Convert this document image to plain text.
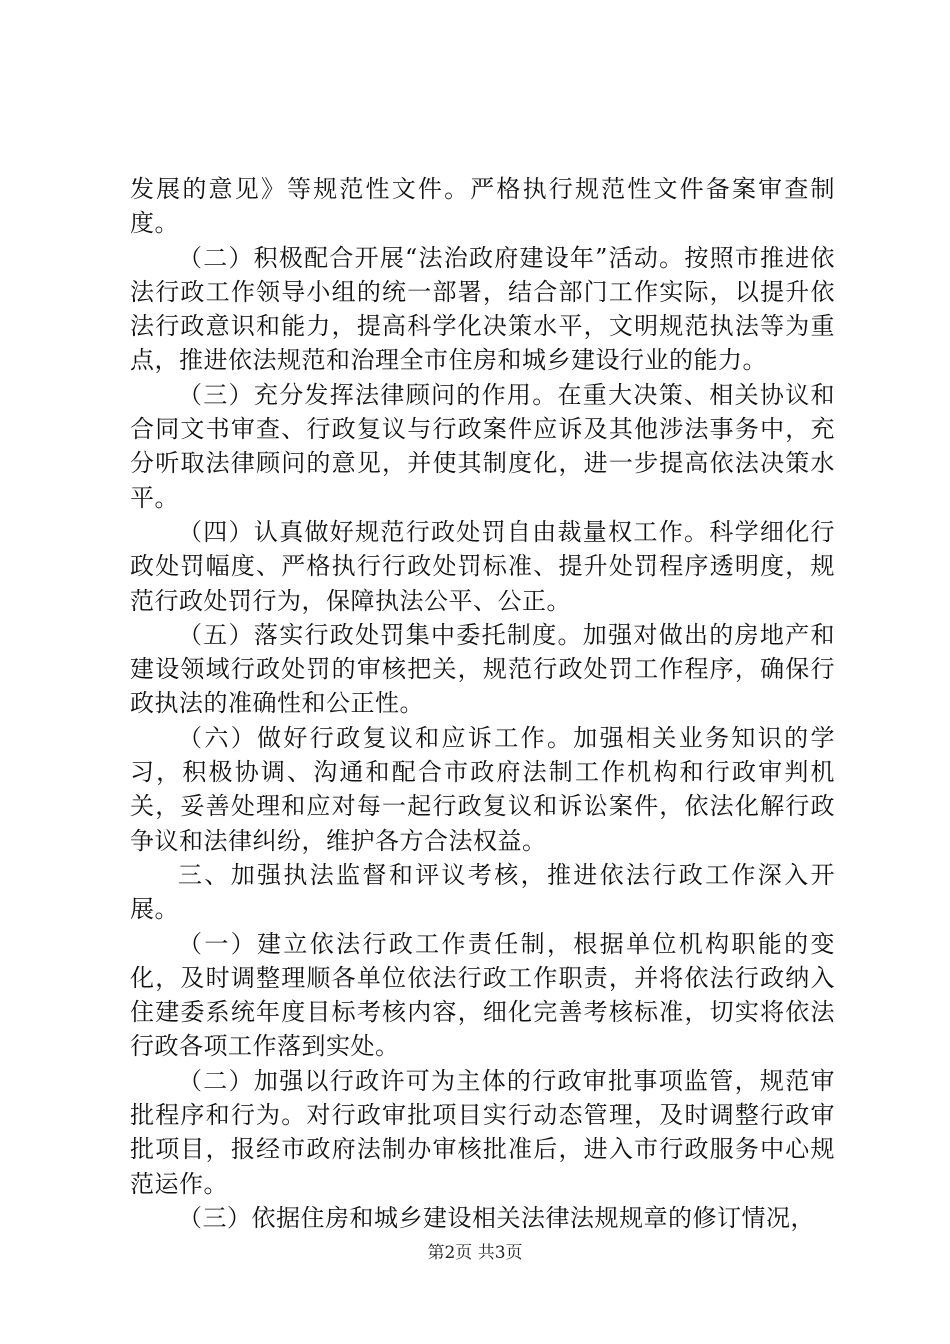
发展的意见》等规范性文件。严格执行规范性文件备案审查制度。

（二）积极配合开展“法治政府建设年”活动。按照市推进依法行政工作领导小组的统一部署，结合部门工作实际，以提升依法行政意识和能力，提高科学化决策水平，文明规范执法等为重点，推进依法规范和治理全市住房和城乡建设行业的能力。

（三）充分发挥法律顾问的作用。在重大决策、相关协议和合同文书审查、行政复议与行政案件应诉及其他涉法事务中，充分听取法律顾问的意见，并使其制度化，进一步提高依法决策水平。

（四）认真做好规范行政处罚自由裁量权工作。科学细化行政处罚幅度、严格执行行政处罚标准、提升处罚程序透明度，规范行政处罚行为，保障执法公平、公正。

（五）落实行政处罚集中委托制度。加强对做出的房地产和建设领域行政处罚的审核把关，规范行政处罚工作程序，确保行政执法的准确性和公正性。

（六）做好行政复议和应诉工作。加强相关业务知识的学习，积极协调、沟通和配合市政府法制工作机构和行政审判机关，妥善处理和应对每一起行政复议和诉讼案件，依法化解行政争议和法律纠纷，维护各方合法权益。

三、加强执法监督和评议考核，推进依法行政工作深入开展。

（一）建立依法行政工作责任制，根据单位机构职能的变化，及时调整理顺各单位依法行政工作职责，并将依法行政纳入住建委系统年度目标考核内容，细化完善考核标准，切实将依法行政各项工作落到实处。

（二）加强以行政许可为主体的行政审批事项监管，规范审批程序和行为。对行政审批项目实行动态管理，及时调整行政审批项目，报经市政府法制办审核批准后，进入市行政服务中心规范运作。

（三）依据住房和城乡建设相关法律法规规章的修订情况，

第2页 共3页
